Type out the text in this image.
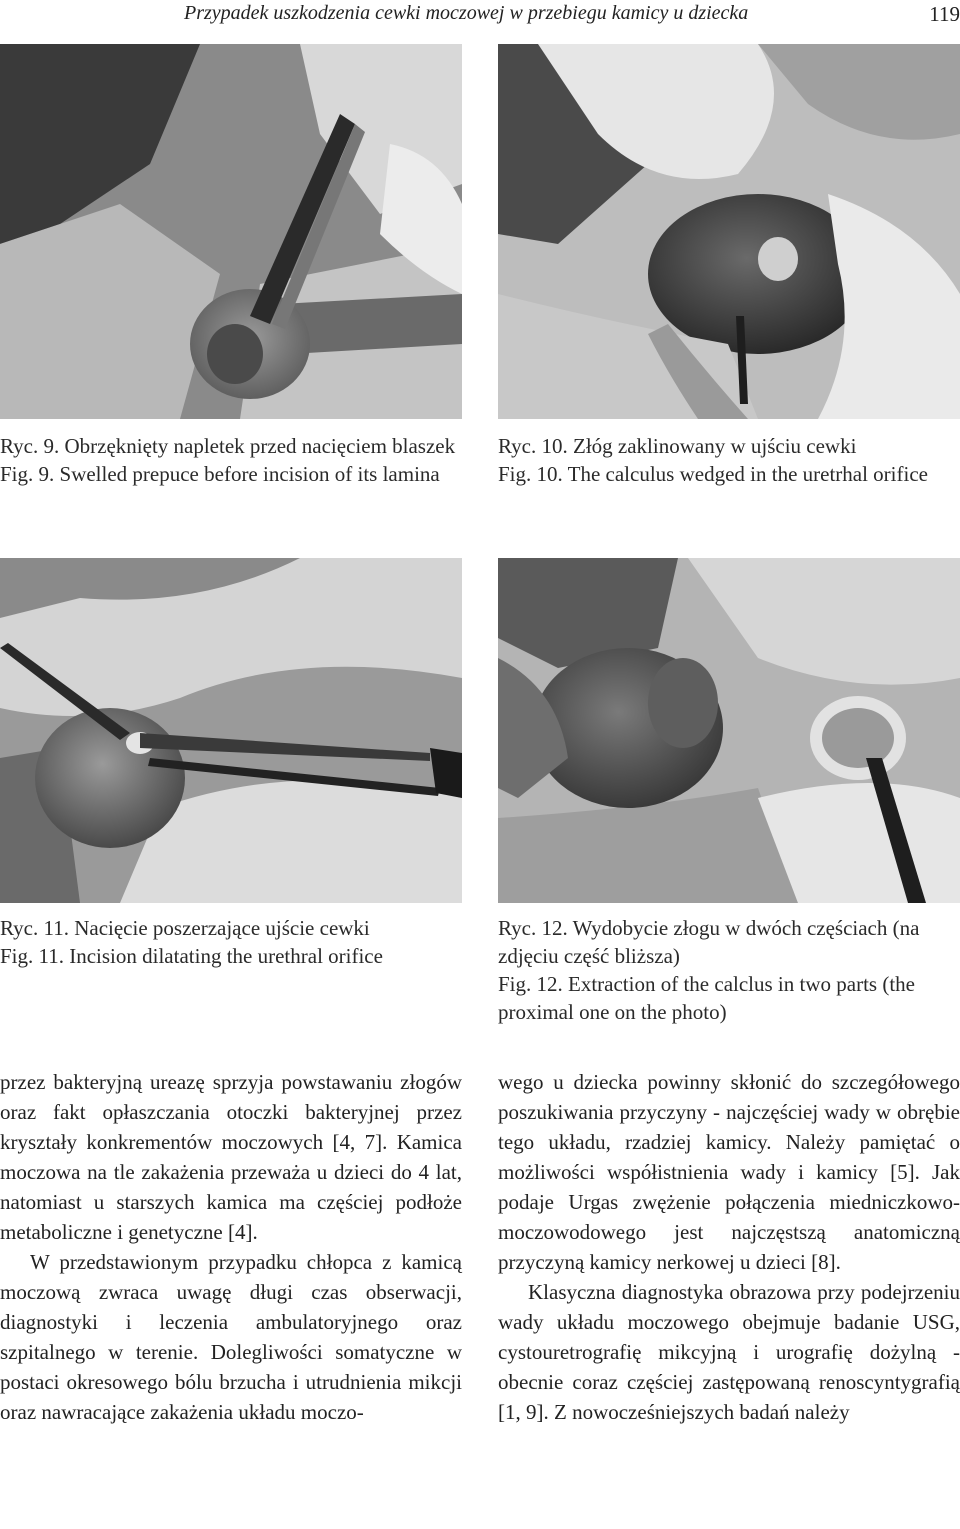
Przypadek uszkodzenia cewki moczowej w przebiegu kamicy u dziecka	119
Ryc. 9. Obrzęknięty napletek przed nacięciem blaszek
Fig. 9. Swelled prepuce before incision of its lamina
Ryc. 10. Złóg zaklinowany w ujściu cewki
Fig. 10. The calculus wedged in the uretrhal orifice
Ryc. 11. Nacięcie poszerzające ujście cewki
Fig. 11. Incision dilatating the urethral orifice
Ryc. 12. Wydobycie złogu w dwóch częściach (na zdjęciu część bliższa)
Fig. 12. Extraction of the calclus in two parts (the proximal one on the photo)

przez bakteryjną ureazę sprzyja powstawaniu złogów oraz fakt opłaszczania otoczki bakteryjnej przez kryształy konkrementów moczowych [4, 7]. Kamica moczowa na tle zakażenia przeważa u dzieci do 4 lat, natomiast u starszych kamica ma częściej podłoże metaboliczne i genetyczne [4].

W przedstawionym przypadku chłopca z kamicą moczową zwraca uwagę długi czas obserwacji, diagnostyki i leczenia ambulatoryjnego oraz szpitalnego w terenie. Dolegliwości somatyczne w postaci okresowego bólu brzucha i utrudnienia mikcji oraz nawracające zakażenia układu moczo-

wego u dziecka powinny skłonić do szczegółowego poszukiwania przyczyny - najczęściej wady w obrębie tego układu, rzadziej kamicy. Należy pamiętać o możliwości współistnienia wady i kamicy [5]. Jak podaje Urgas zwężenie połączenia miedniczkowo-moczowodowego jest najczęstszą anatomiczną przyczyną kamicy nerkowej u dzieci [8].

Klasyczna diagnostyka obrazowa przy podejrzeniu wady układu moczowego obejmuje badanie USG, cystouretrografię mikcyjną i urografię dożylną - obecnie coraz częściej zastępowaną renoscyntygrafią [1, 9]. Z nowocześniejszych badań należy
